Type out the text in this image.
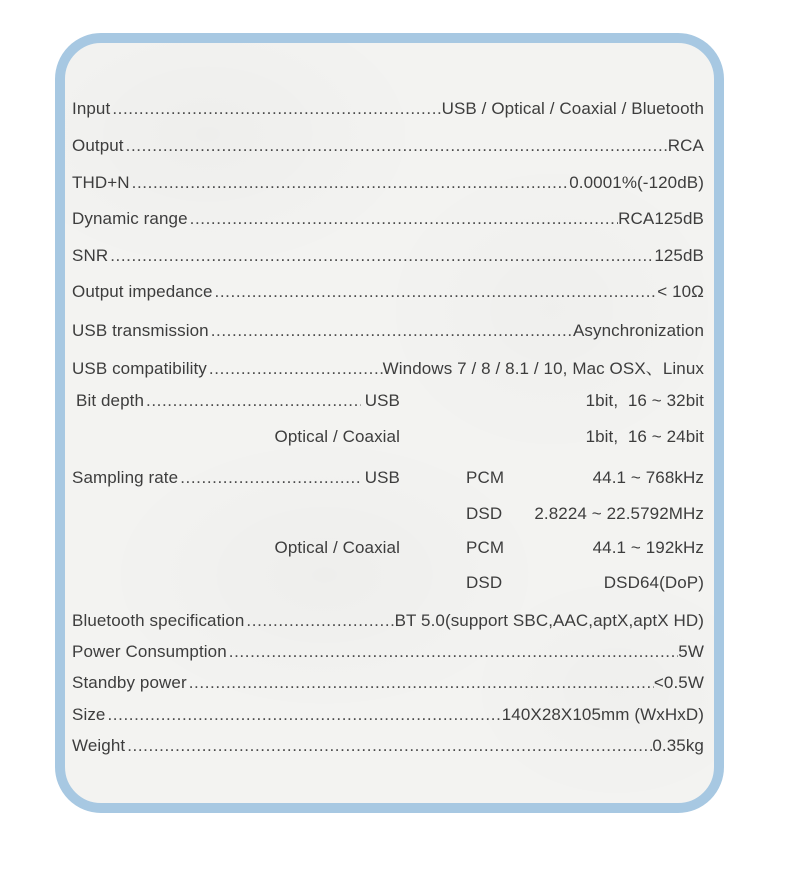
Input .....	USB / Optical / Coaxial / Bluetooth
Output .....	RCA
THD+N .....	0.0001%(-120dB)
Dynamic range .....	RCA 125dB
SNR .....	125dB
Output impedance .....	< 10Ω
USB transmission .....	Asynchronization
USB compatibility .....	Windows 7 / 8 / 8.1 / 10, Mac OSX、Linux
Bit depth .....	USB	1bit,  16 ~ 32bit
Optical / Coaxial	1bit,  16 ~ 24bit
Sampling rate .....	USB	PCM	44.1 ~ 768kHz
DSD	2.8224 ~ 22.5792MHz
Optical / Coaxial	PCM	44.1 ~ 192kHz
DSD	DSD64(DoP)
Bluetooth specification .....	BT 5.0(support SBC,AAC,aptX,aptX HD)
Power Consumption .....	5W
Standby power .....	<0.5W
Size .....	140X28X105mm (WxHxD)
Weight .....	0.35kg
